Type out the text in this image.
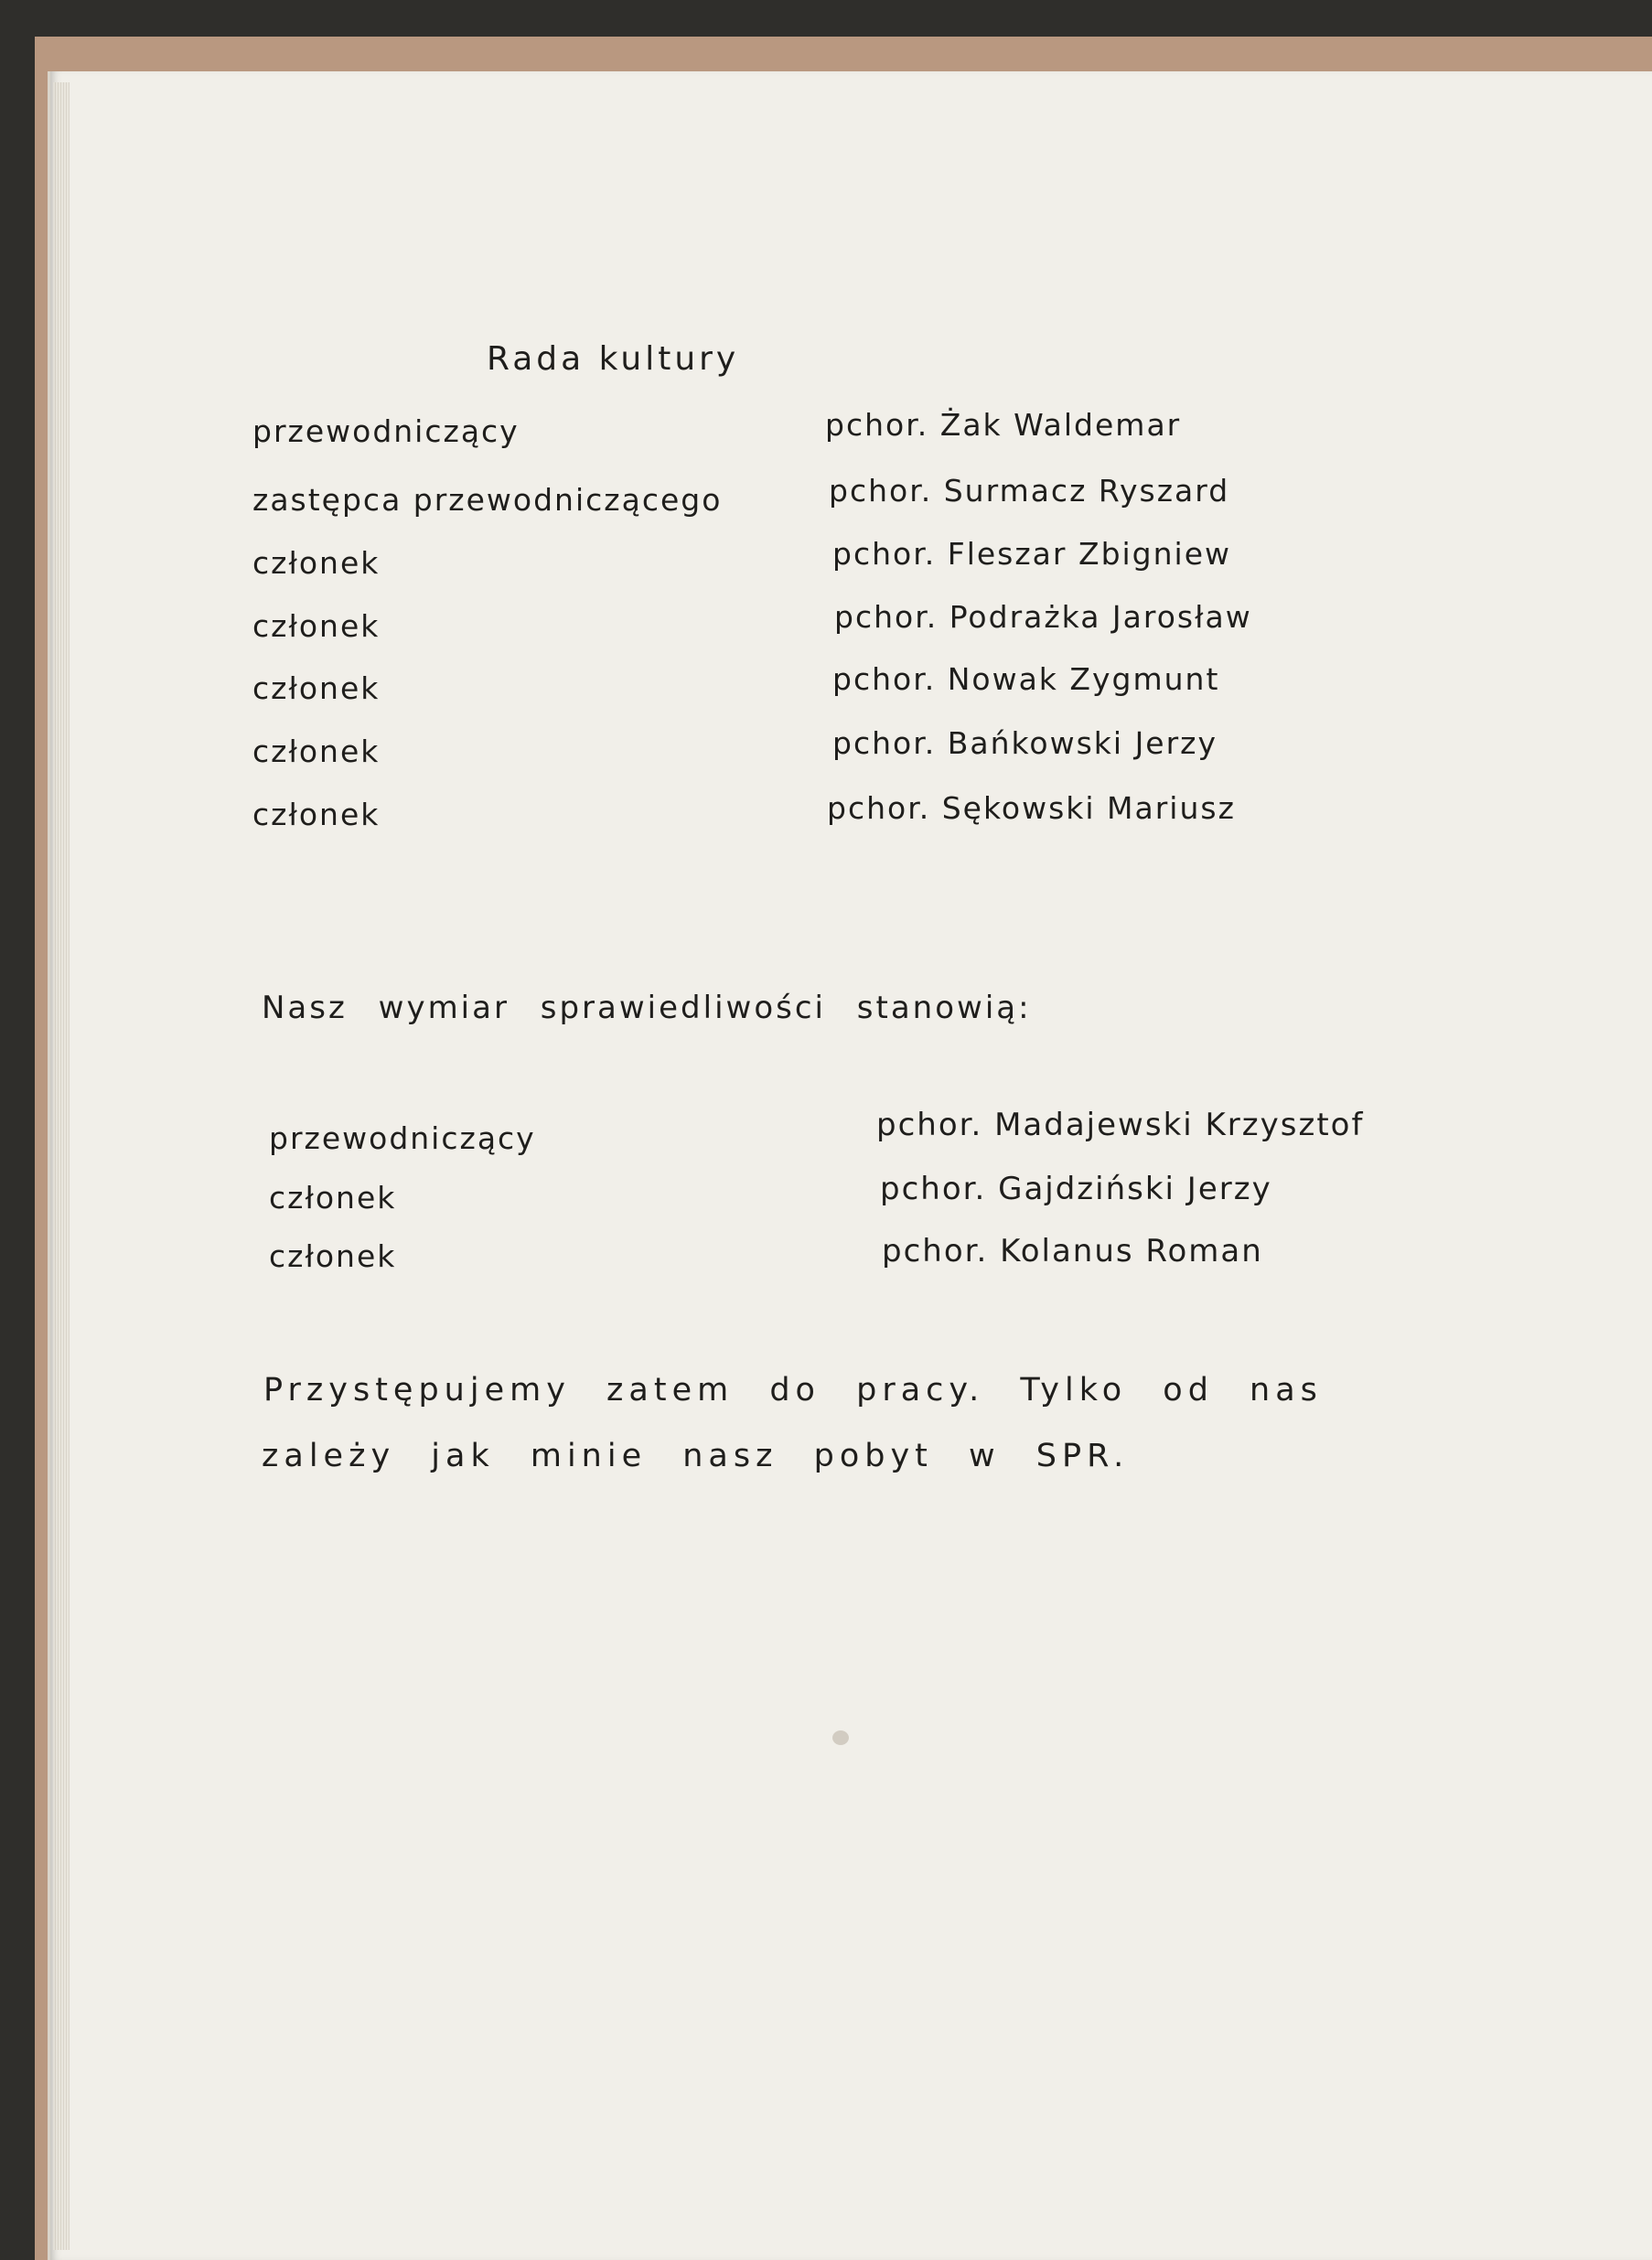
Rada kultury
przewodniczący	pchor. Żak Waldemar
zastępca przewodniczącego	pchor. Surmacz Ryszard
członek	pchor. Fleszar Zbigniew
członek	pchor. Podrażka Jarosław
członek	pchor. Nowak Zygmunt
członek	pchor. Bańkowski Jerzy
członek	pchor. Sękowski Mariusz
Nasz wymiar sprawiedliwości stanowią:
przewodniczący	pchor. Madajewski Krzysztof
członek	pchor. Gajdziński Jerzy
członek	pchor. Kolanus Roman
Przystępujemy zatem do pracy. Tylko od nas
zależy jak minie nasz pobyt w SPR.
